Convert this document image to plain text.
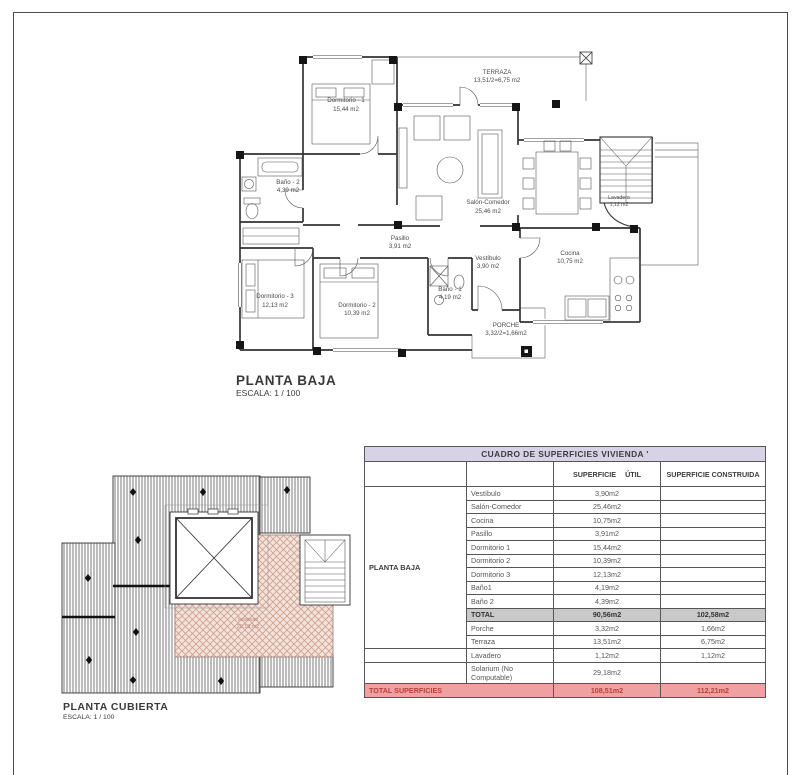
TERRAZA
13,51/2=6,75 m2
Dormitorio - 1
15,44 m2
Baño - 2
4,39 m2
Salón-Comedor
25,46 m2
Lavadero
1,12 m2
Pasillo
3,91 m2
Vestíbulo
3,90 m2
Cocina
10,75 m2
Dormitorio - 3
12,13 m2	Dormitorio - 2
10,39 m2
Baño - 1
4,19 m2
PORCHE
3,32/2=1,66m2
PLANTA BAJA
ESCALA: 1 / 100
solarium
29,18 m2
PLANTA CUBIERTA
ESCALA: 1 / 100
CUADRO DE SUPERFICIES VIVIENDA '			
		SUPERFICIE ÚTIL	SUPERFICIE CONSTRUIDA
PLANTA BAJA	Vestíbulo	3,90m2	
	Salón-Comedor	25,46m2	
	Cocina	10,75m2	
	Pasillo	3,91m2	
	Dormitorio 1	15,44m2	
	Dormitorio 2	10,39m2	
	Dormitorio 3	12,13m2	
	Baño1	4,19m2	
	Baño 2	4,39m2	
	TOTAL	90,56m2	102,58m2
	Porche	3,32m2	1,66m2
	Terraza	13,51m2	6,75m2
	Lavadero	1,12m2	1,12m2
	Solarium (No Computable)	29,18m2	
TOTAL SUPERFICIES		108,51m2	112,21m2
